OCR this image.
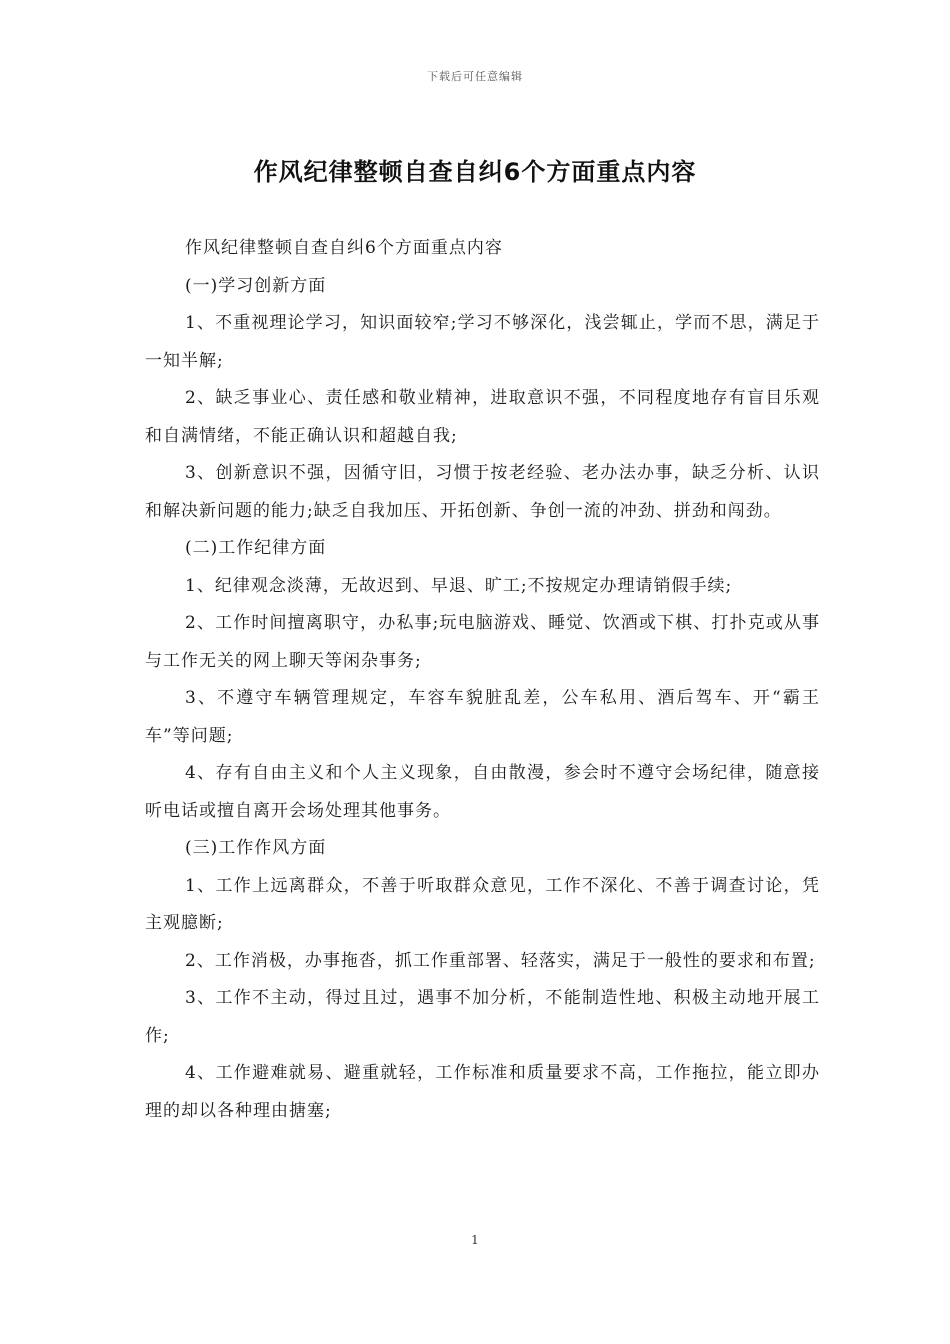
下载后可任意编辑
作风纪律整顿自查自纠6个方面重点内容

作风纪律整顿自查自纠6个方面重点内容

(一)学习创新方面

1、不重视理论学习，知识面较窄;学习不够深化，浅尝辄止，学而不思，满足于一知半解;

2、缺乏事业心、责任感和敬业精神，进取意识不强，不同程度地存有盲目乐观和自满情绪，不能正确认识和超越自我;

3、创新意识不强，因循守旧，习惯于按老经验、老办法办事，缺乏分析、认识和解决新问题的能力;缺乏自我加压、开拓创新、争创一流的冲劲、拼劲和闯劲。

(二)工作纪律方面

1、纪律观念淡薄，无故迟到、早退、旷工;不按规定办理请销假手续;

2、工作时间擅离职守，办私事;玩电脑游戏、睡觉、饮酒或下棋、打扑克或从事与工作无关的网上聊天等闲杂事务;

3、不遵守车辆管理规定，车容车貌脏乱差，公车私用、酒后驾车、开“霸王车”等问题;

4、存有自由主义和个人主义现象，自由散漫，参会时不遵守会场纪律，随意接听电话或擅自离开会场处理其他事务。

(三)工作作风方面

1、工作上远离群众，不善于听取群众意见，工作不深化、不善于调查讨论，凭主观臆断;

2、工作消极，办事拖沓，抓工作重部署、轻落实，满足于一般性的要求和布置;

3、工作不主动，得过且过，遇事不加分析，不能制造性地、积极主动地开展工作;

4、工作避难就易、避重就轻，工作标准和质量要求不高，工作拖拉，能立即办理的却以各种理由搪塞;

1
